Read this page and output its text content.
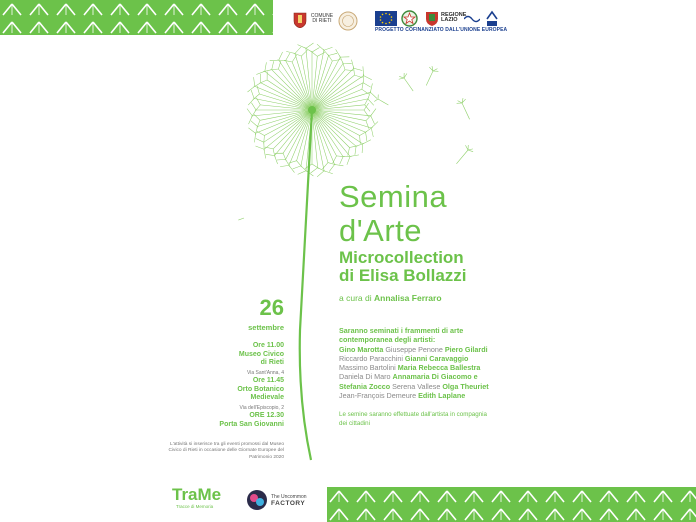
COMUNE DI RIETI
REGIONE LAZIO
PROGETTO COFINANZIATO DALL'UNIONE EUROPEA
Semina
d'Arte
Microcollection
di Elisa Bollazzi
a cura di Annalisa Ferraro
26
settembre
Ore 11.00
Museo Civico
di Rieti
Via Sant'Anna, 4
Ore 11.45
Orto Botanico
Medievale
Via dell'Episcopio, 2
ORE 12.30
Porta San Giovanni
L'attività si inserisce tra gli eventi promossi dal Museo Civico di Rieti in occasione delle Giornate Europee del Patrimonio 2020
Saranno seminati i frammenti di arte contemporanea degli artisti:
Gino Marotta Giuseppe Penone Piero Gilardi Riccardo Paracchini Gianni Caravaggio Massimo Bartolini Maria Rebecca Ballestra Daniela Di Maro Annamaria Di Giacomo e Stefania Zocco Serena Vallese Olga Theuriet Jean-François Demeure Edith Laplane
Le semine saranno effettuate dall'artista in compagnia dei cittadini
TraMe
Tracce di Memoria
The Uncommon
FACTORY
